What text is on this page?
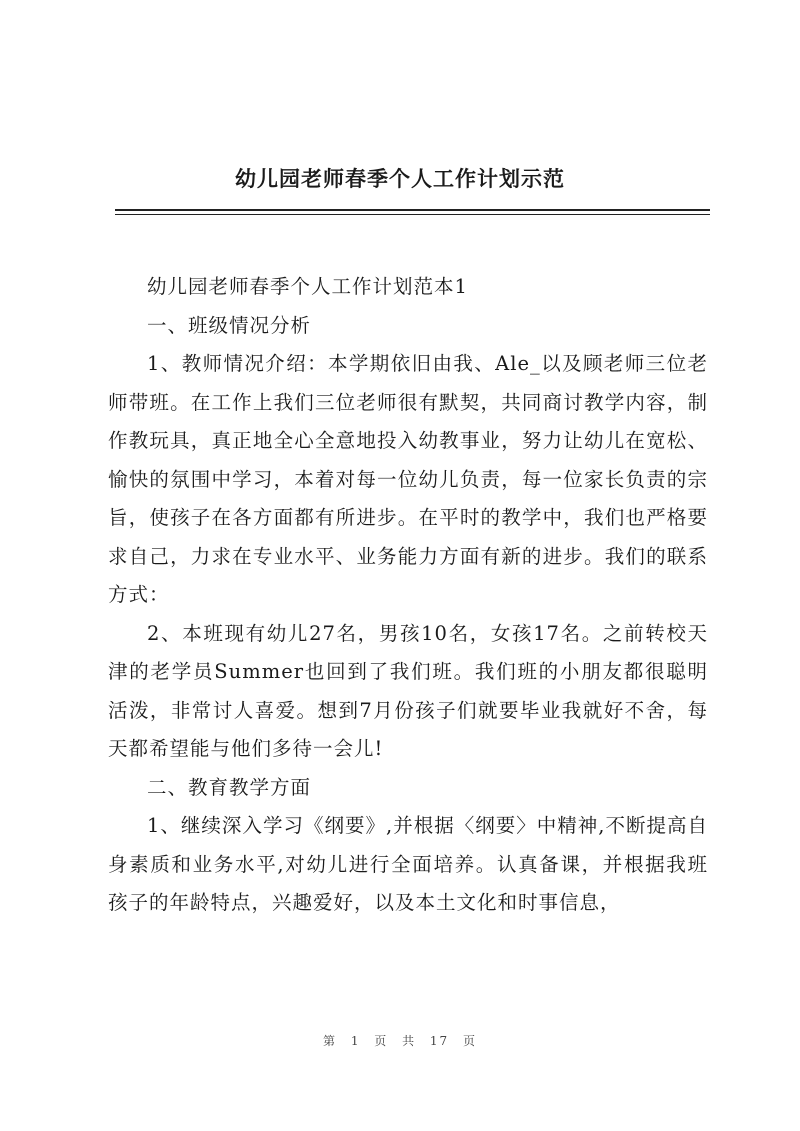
幼儿园老师春季个人工作计划示范

幼儿园老师春季个人工作计划范本1

一、班级情况分析

1、教师情况介绍：本学期依旧由我、Ale_以及顾老师三位老师带班。在工作上我们三位老师很有默契，共同商讨教学内容，制作教玩具，真正地全心全意地投入幼教事业，努力让幼儿在宽松、愉快的氛围中学习，本着对每一位幼儿负责，每一位家长负责的宗旨，使孩子在各方面都有所进步。在平时的教学中，我们也严格要求自己，力求在专业水平、业务能力方面有新的进步。我们的联系方式：

2、本班现有幼儿27名，男孩10名，女孩17名。之前转校天津的老学员Summer也回到了我们班。我们班的小朋友都很聪明活泼，非常讨人喜爱。想到7月份孩子们就要毕业我就好不舍，每天都希望能与他们多待一会儿!

二、教育教学方面

1、继续深入学习《纲要》,并根据〈纲要〉中精神,不断提高自身素质和业务水平,对幼儿进行全面培养。认真备课，并根据我班孩子的年龄特点，兴趣爱好，以及本土文化和时事信息，

第 1 页 共 17 页
